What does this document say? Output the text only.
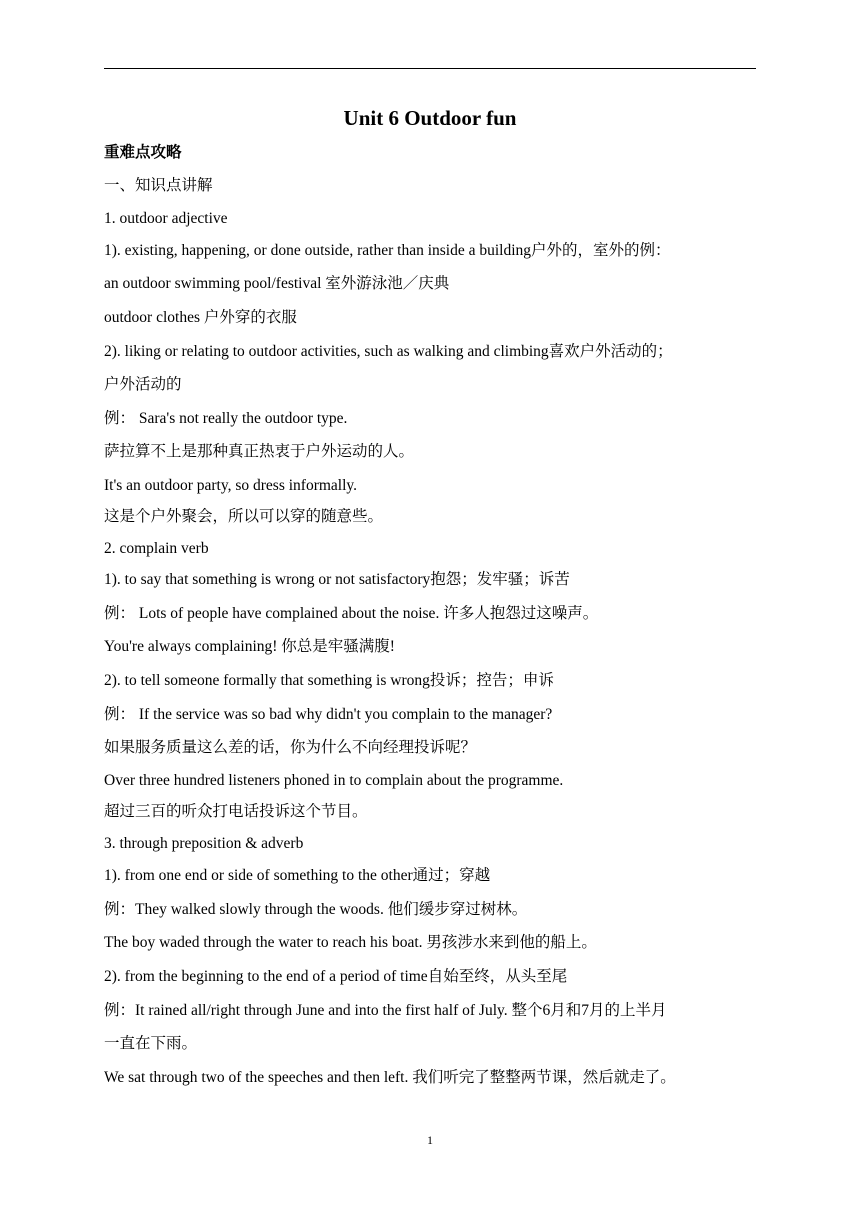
Unit 6 Outdoor fun
重难点攻略
一、知识点讲解
1. outdoor adjective
1). existing, happening, or done outside, rather than inside a building户外的，室外的例：
an outdoor swimming pool/festival 室外游泳池／庆典
outdoor clothes 户外穿的衣服
2). liking or relating to outdoor activities, such as walking and climbing喜欢户外活动的；
户外活动的
例： Sara's not really the outdoor type.
萨拉算不上是那种真正热衷于户外运动的人。
It's an outdoor party, so dress informally.
这是个户外聚会，所以可以穿的随意些。
2. complain verb
1). to say that something is wrong or not satisfactory抱怨；发牢骚；诉苦
例： Lots of people have complained about the noise. 许多人抱怨过这噪声。
You're always complaining! 你总是牢骚满腹!
2). to tell someone formally that something is wrong投诉；控告；申诉
例： If the service was so bad why didn't you complain to the manager?
如果服务质量这么差的话，你为什么不向经理投诉呢？
Over three hundred listeners phoned in to complain about the programme.
超过三百的听众打电话投诉这个节目。
3. through preposition & adverb
1). from one end or side of something to the other通过；穿越
例：They walked slowly through the woods. 他们缓步穿过树林。
The boy waded through the water to reach his boat. 男孩涉水来到他的船上。
2). from the beginning to the end of a period of time自始至终，从头至尾
例：It rained all/right through June and into the first half of July. 整个6月和7月的上半月
一直在下雨。
We sat through two of the speeches and then left. 我们听完了整整两节课，然后就走了。
1
